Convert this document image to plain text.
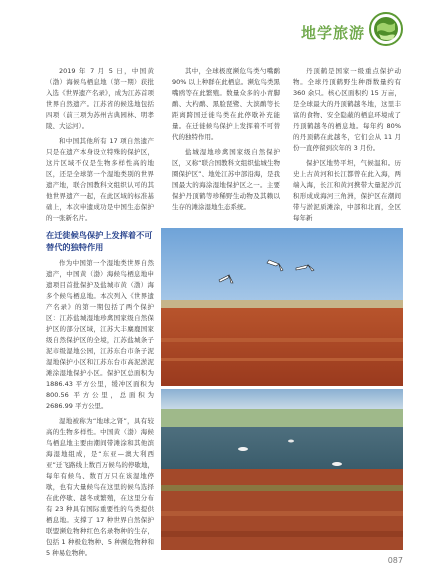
地学旅游

2019 年 7 月 5 日，中国黄（渤）海候鸟栖息地（第一期）获批入选《世界遗产名录》，成为江苏首项世界自然遗产。江苏省的候选地包括四项（前三项为苏州古典园林、明孝陵、大运河）。

和中国其他所有 17 项自然遗产只是在遗产本身设立特殊的保护区，这片区域不仅是生物多样性高的地区，还是全球第一个湿地类别的世界遗产地，联合国教科文组织认可的其他世界遗产一起，在此区域的标准基础上，本次申遗成功是中国生态保护的一张新名片。

其中，全球极度濒危鸟类勺嘴鹬 90% 以上种群在此栖息。濒危鸟类黑嘴鸥等在此繁殖。数量众多的小青脚鹬、大杓鹬、黑脸琵鹭、大滨鹬等长距离跨国迁徙鸟类在此停歇补充能量。在迁徙候鸟保护上发挥着不可替代的独特作用。

盐城湿地珍禽国家级自然保护区，又称“联合国教科文组织盐城生物圈保护区”、地处江苏中部沿海，是我国最大的海涂湿地保护区之一。主要保护丹顶鹤等珍稀野生动物及其赖以生存的滩涂湿地生态系统。

丹顶鹤是国家一级重点保护动物。全球丹顶鹤野生种群数量约有 360 余只。核心区面积约 15 万亩，是全球最大的丹顶鹤越冬地，这里丰富的食物、安全隐蔽的栖息环境成了丹顶鹤越冬的栖息地。每年约 80% 的丹顶鹤在此越冬，它们会从 11 月份一直停留到次年的 3 月份。

保护区地势平坦，气候温和。历史上古黄河和长江都曾在此入海，两端入海，长江和黄河携带大量泥沙沉积形成成海河三角洲，保护区在潮间带与淤泥质滩涂，中部和北面，全区每年新

在迁徙候鸟保护上发挥着不可替代的独特作用

作为中国第一个湿地类世界自然遗产，中国黄（渤）海候鸟栖息地申遗项目首批保护及盐城市黄（渤）海多个候鸟栖息地。本次列入《世界遗产名录》的第一期包括了两个保护区：江苏盐城湿地珍禽国家级自然保护区的部分区域，江苏大丰麋鹿国家级自然保护区的全境，江苏盐城条子泥市级湿地公园，江苏东台市条子泥湿地保护小区和江苏东台市高泥淤泥滩涂湿地保护小区。保护区总面积为 1886.43 平方公里，缓冲区面积为 800.56 平方公里，总面积为 2686.99 平方公里。

湿地被称为“地球之肾”，具有较高的生物多样性。中国黄（渤）海候鸟栖息地主要由潮间带滩涂和其他滨海湿地组成，是“东亚—澳大利西亚”迁飞路线上数百万候鸟的停歇地，每年有候鸟、数百万只在该湿地停歇，也有大量候鸟在这里的候鸟选择在此停歇、越冬或繁殖，在这里分布有 23 种具有国际重要性的鸟类提供栖息地。支撑了 17 种世界自然保护联盟濒危物种红色名录物种的生存，包括 1 种极危物种、5 种濒危物种和 5 种易危物种。

087
